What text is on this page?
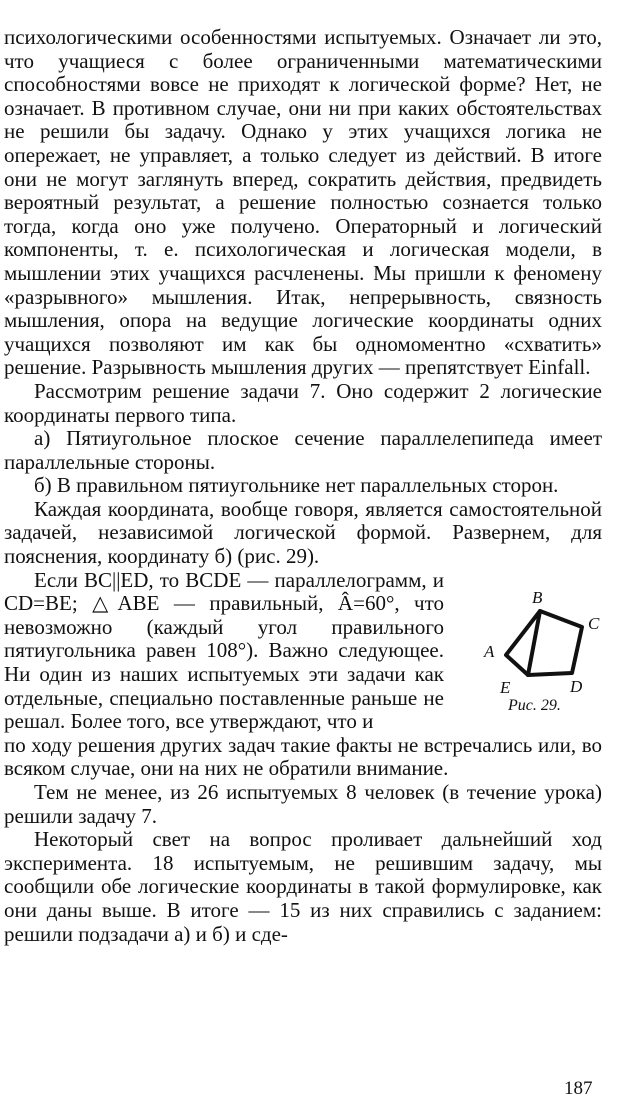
психологическими особенностями испытуемых. Означает ли это, что учащиеся с более ограниченными математическими способностями вовсе не приходят к логической форме? Нет, не означает. В противном случае, они ни при каких обстоятельствах не решили бы задачу. Однако у этих учащихся логика не опережает, не управляет, а только следует из действий. В итоге они не могут заглянуть вперед, сократить действия, предвидеть вероятный результат, а решение полностью сознается только тогда, когда оно уже получено. Операторный и логический компоненты, т. е. психологическая и логическая модели, в мышлении этих учащихся расчленены. Мы пришли к феномену «разрывного» мышления. Итак, непрерывность, связность мышления, опора на ведущие логические координаты одних учащихся позволяют им как бы одномоментно «схватить» решение. Разрывность мышления других — препятствует Einfall.

Рассмотрим решение задачи 7. Оно содержит 2 логические координаты первого типа.

а) Пятиугольное плоское сечение параллелепипеда имеет параллельные стороны.

б) В правильном пятиугольнике нет параллельных сторон.

Каждая координата, вообще говоря, является самостоятельной задачей, независимой логической формой. Развернем, для пояснения, координату б) (рис. 29).

Если BC||ED, то BCDE — параллелограмм, и CD=BE; △ABE — правильный, Â=60°, что невозможно (каждый угол правильного пятиугольника равен 108°). Важно следующее. Ни один из наших испытуемых эти задачи как отдельные, специально поставленные раньше не решал. Более того, все утверждают, что и

A
B
C
D
E
Рис. 29.

по ходу решения других задач такие факты не встречались или, во всяком случае, они на них не обратили внимание.

Тем не менее, из 26 испытуемых 8 человек (в течение урока) решили задачу 7.

Некоторый свет на вопрос проливает дальнейший ход эксперимента. 18 испытуемым, не решившим задачу, мы сообщили обе логические координаты в такой формулировке, как они даны выше. В итоге — 15 из них справились с заданием: решили подзадачи а) и б) и сде-

187
